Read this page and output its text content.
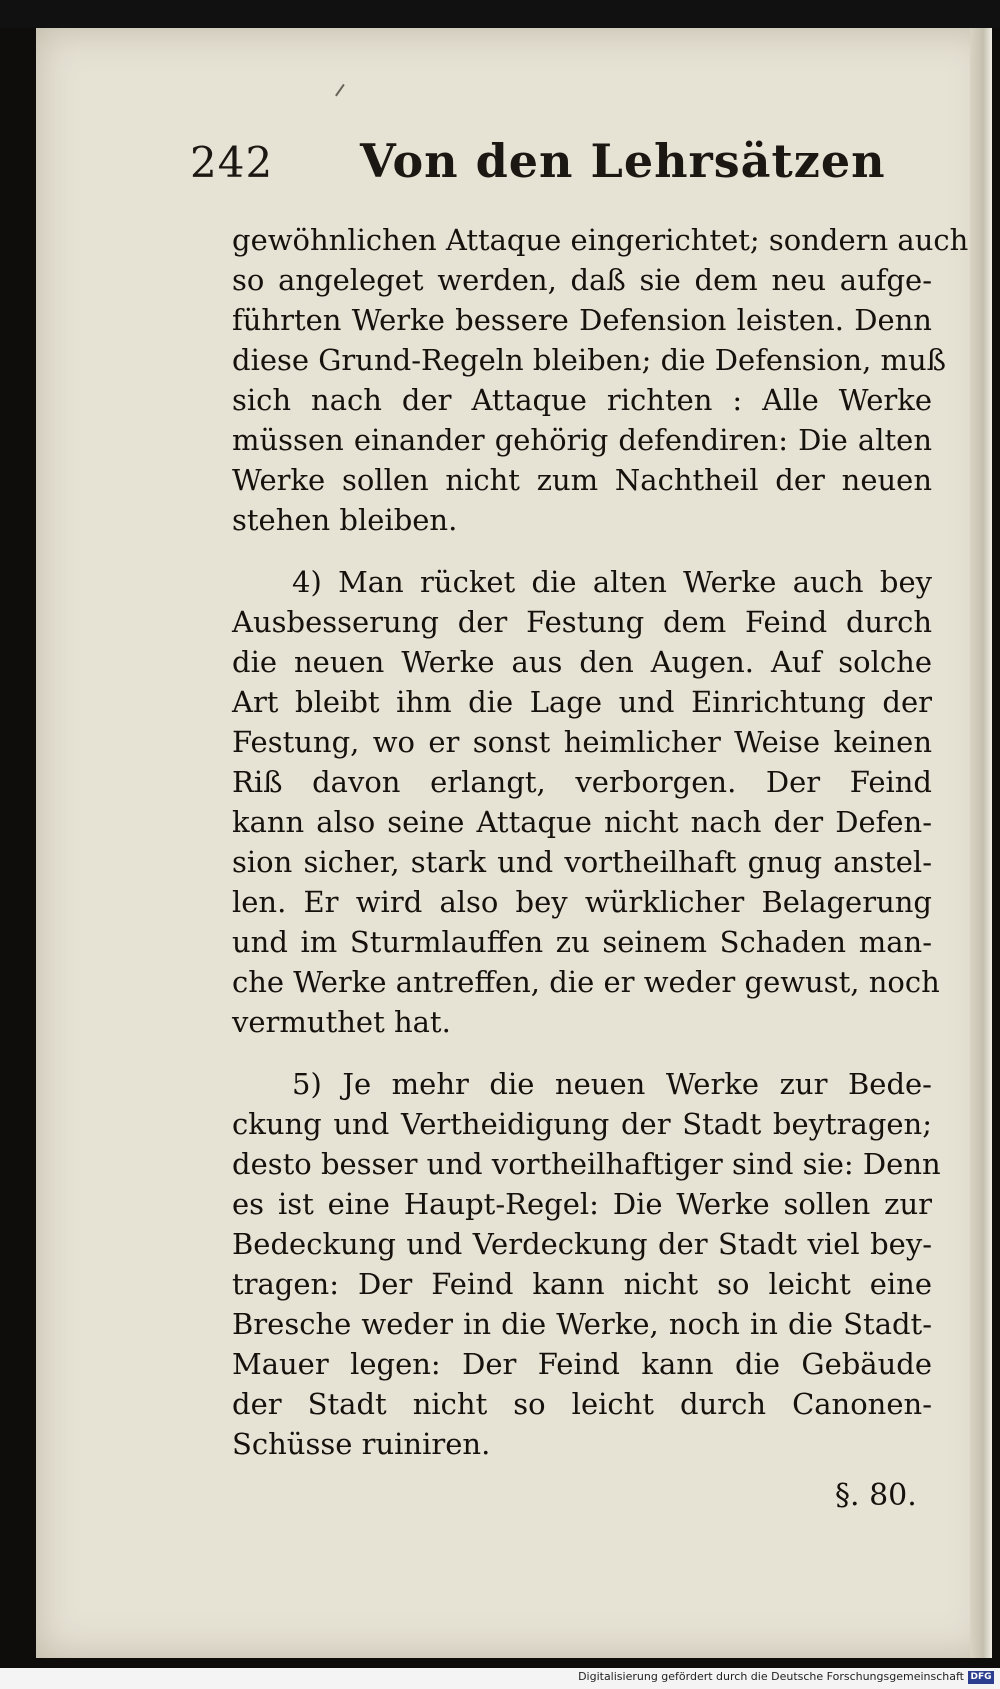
242 Von den Lehrsätzen
gewöhnlichen Attaque eingerichtet; sondern auch
so angeleget werden, daß sie dem neu aufge-
führten Werke bessere Defension leisten. Denn
diese Grund-Regeln bleiben; die Defension, muß
sich nach der Attaque richten : Alle Werke
müssen einander gehörig defendiren: Die alten
Werke sollen nicht zum Nachtheil der neuen
stehen bleiben.
4) Man rücket die alten Werke auch bey
Ausbesserung der Festung dem Feind durch
die neuen Werke aus den Augen. Auf solche
Art bleibt ihm die Lage und Einrichtung der
Festung, wo er sonst heimlicher Weise keinen
Riß davon erlangt, verborgen. Der Feind
kann also seine Attaque nicht nach der Defen-
sion sicher, stark und vortheilhaft gnug anstel-
len. Er wird also bey würklicher Belagerung
und im Sturmlauffen zu seinem Schaden man-
che Werke antreffen, die er weder gewust, noch
vermuthet hat.
5) Je mehr die neuen Werke zur Bede-
ckung und Vertheidigung der Stadt beytragen;
desto besser und vortheilhaftiger sind sie: Denn
es ist eine Haupt-Regel: Die Werke sollen zur
Bedeckung und Verdeckung der Stadt viel bey-
tragen: Der Feind kann nicht so leicht eine
Bresche weder in die Werke, noch in die Stadt-
Mauer legen: Der Feind kann die Gebäude
der Stadt nicht so leicht durch Canonen-
Schüsse ruiniren.
§. 80.
Digitalisierung gefördert durch die Deutsche Forschungsgemeinschaft DFG
